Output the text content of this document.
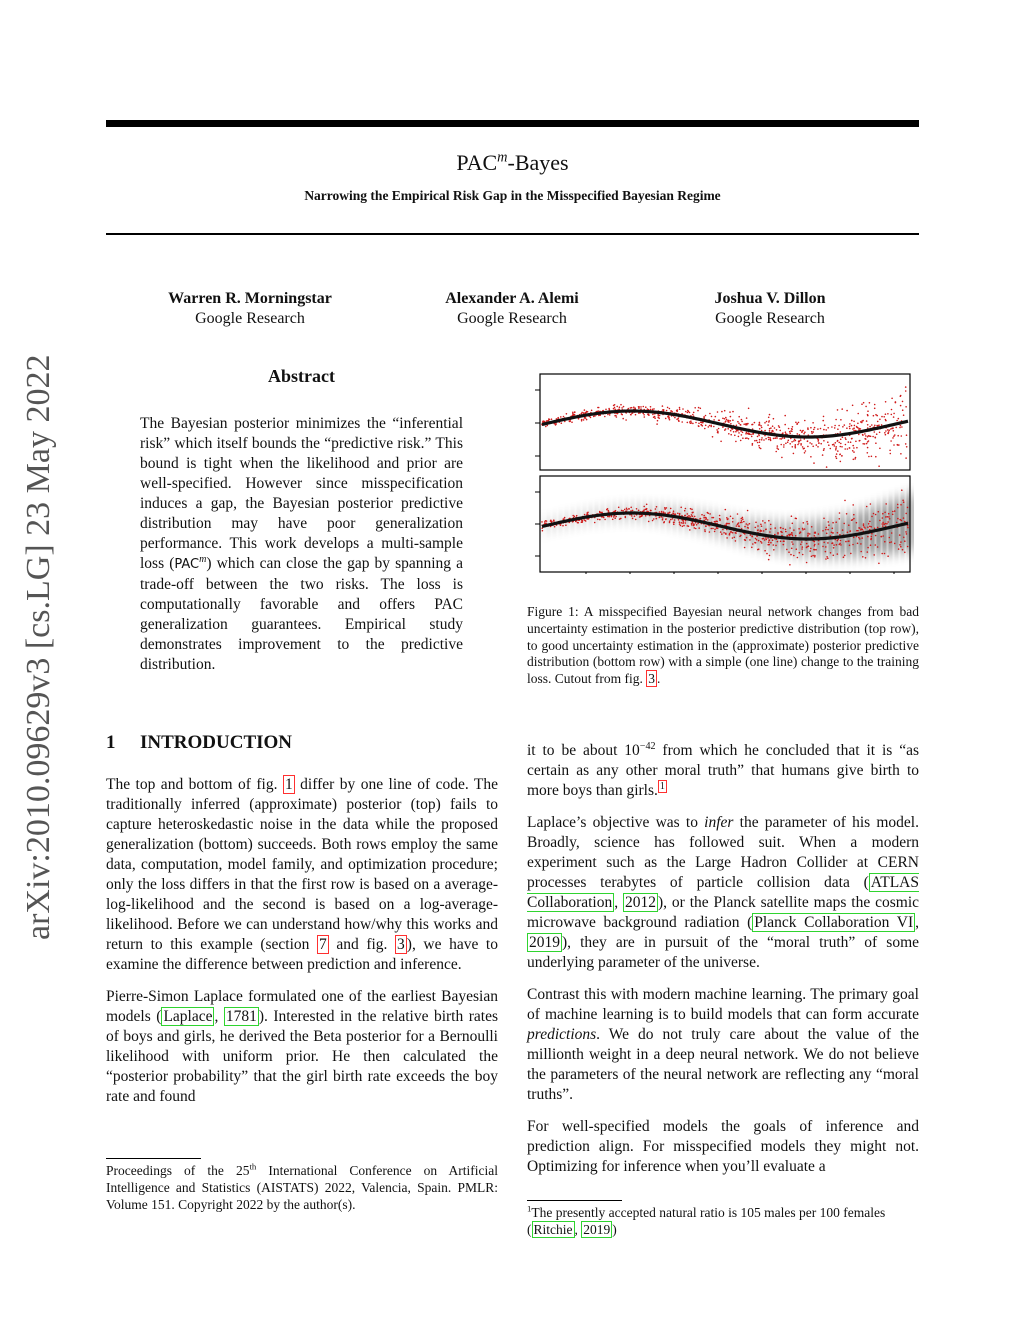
PAC$^m$-Bayes
Narrowing the Empirical Risk Gap in the Misspecified Bayesian Regime
Warren R. Morningstar
Google Research
Alexander A. Alemi
Google Research
Joshua V. Dillon
Google Research
arXiv:2010.09629v3 [cs.LG] 23 May 2022	Abstract
The Bayesian posterior minimizes the “inferential risk” which itself bounds the “predictive risk.” This bound is tight when the likelihood and prior are well-specified. However since misspecification induces a gap, the Bayesian posterior predictive distribution may have poor generalization performance. This work develops a multi-sample loss (PAC$^m$) which can close the gap by spanning a trade-off between the two risks. The loss is computationally favorable and offers PAC generalization guarantees. Empirical study demonstrates improvement to the predictive distribution.
Figure 1: A misspecified Bayesian neural network changes from bad uncertainty estimation in the posterior predictive distribution (top row), to good uncertainty estimation in the (approximate) posterior predictive distribution (bottom row) with a simple (one line) change to the training loss. Cutout from fig. 3 .
1 INTRODUCTION

The top and bottom of fig. 1 differ by one line of code. The traditionally inferred (approximate) posterior (top) fails to capture heteroskedastic noise in the data while the proposed generalization (bottom) succeeds. Both rows employ the same data, computation, model family, and optimization procedure; only the loss differs in that the first row is based on a average-log-likelihood and the second is based on a log-average-likelihood. Before we can understand how/why this works and return to this example (section 7 and fig. 3 ), we have to examine the difference between prediction and inference.

Pierre-Simon Laplace formulated one of the earliest Bayesian models ( Laplace , 1781 ). Interested in the relative birth rates of boys and girls, he derived the Beta posterior for a Bernoulli likelihood with uniform prior. He then calculated the “posterior probability” that the girl birth rate exceeds the boy rate and found

Proceedings of the 25th International Conference on Artificial Intelligence and Statistics (AISTATS) 2022, Valencia, Spain. PMLR: Volume 151. Copyright 2022 by the author(s).

it to be about $10^{-42}$ from which he concluded that it is “as certain as any other moral truth” that humans give birth to more boys than girls. $^1$

Laplace’s objective was to infer the parameter of his model. Broadly, science has followed suit. When a modern experiment such as the Large Hadron Collider at CERN processes terabytes of particle collision data ( ATLAS Collaboration , 2012 ), or the Planck satellite maps the cosmic microwave background radiation ( Planck Collaboration VI , 2019 ), they are in pursuit of the “moral truth” of some underlying parameter of the universe.

Contrast this with modern machine learning. The primary goal of machine learning is to build models that can form accurate predictions. We do not truly care about the value of the millionth weight in a deep neural network. We do not believe the parameters of the neural network are reflecting any “moral truths”.

For well-specified models the goals of inference and prediction align. For misspecified models they might not. Optimizing for inference when you’ll evaluate a

$^1$The presently accepted natural ratio is 105 males per 100 females ( Ritchie , 2019 )
